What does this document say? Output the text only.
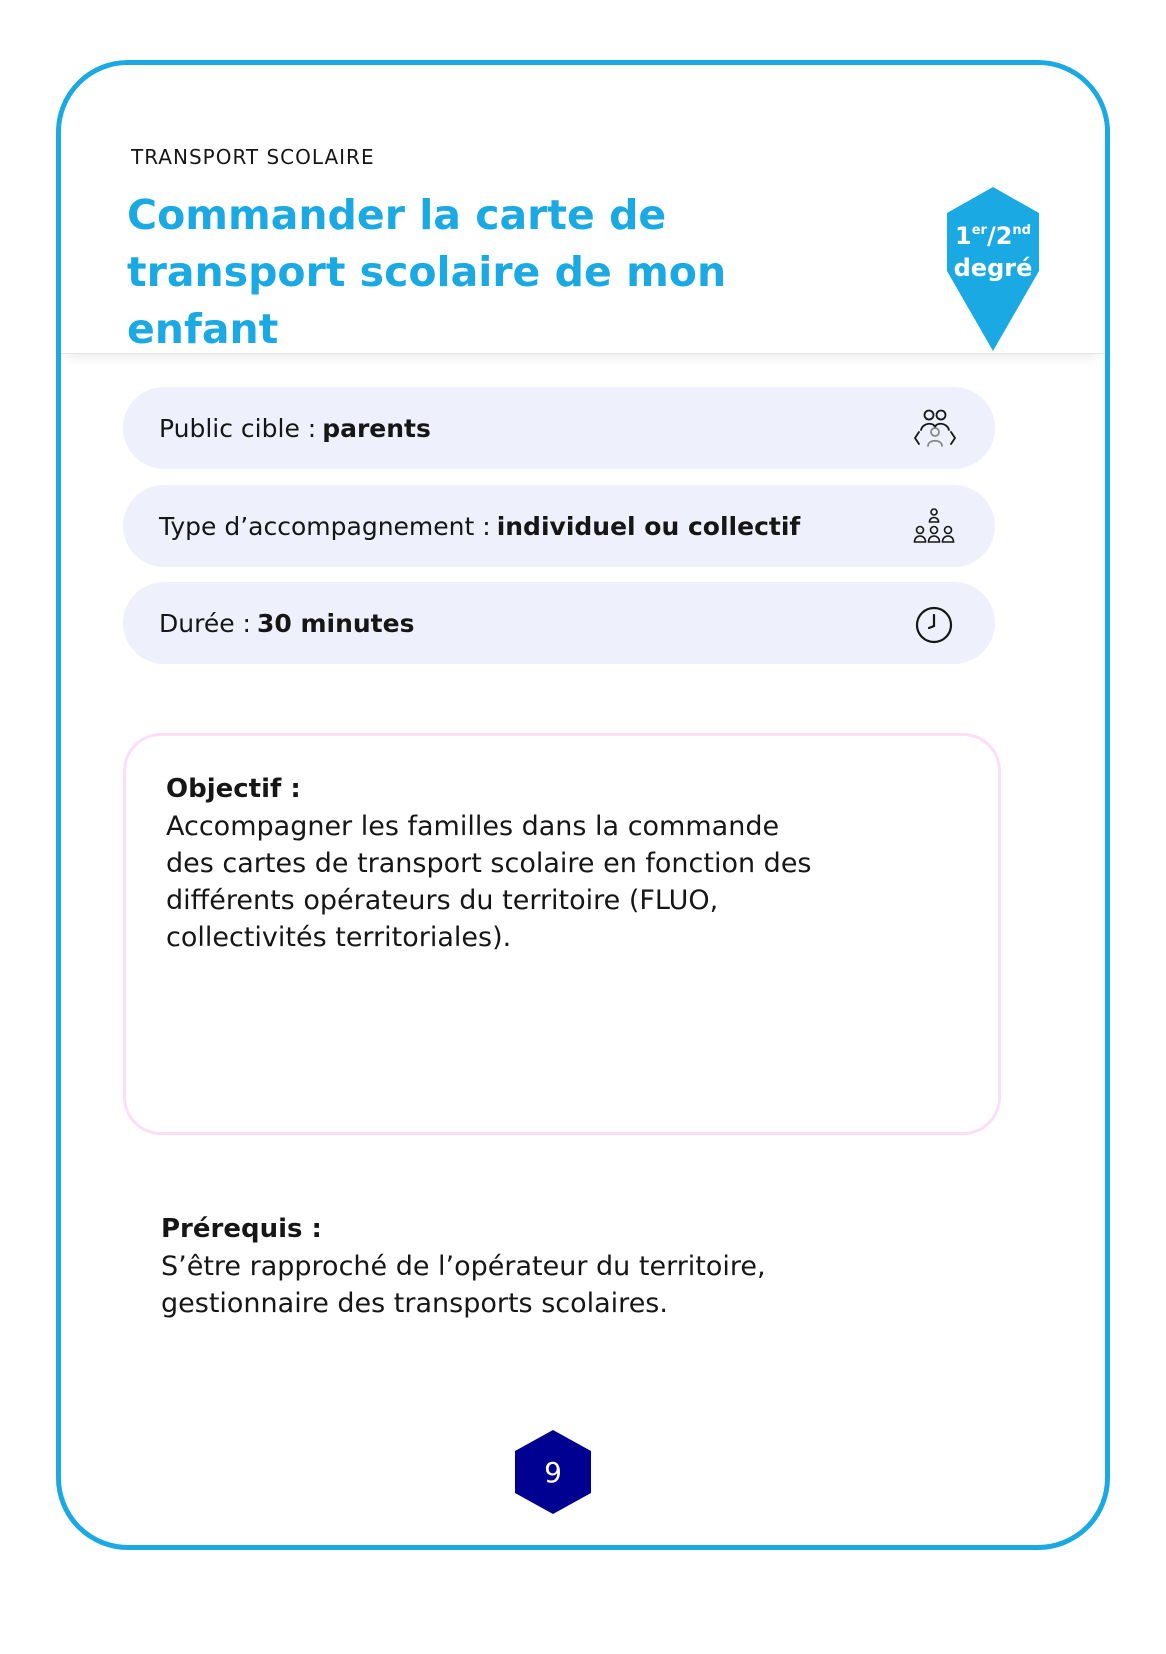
TRANSPORT SCOLAIRE
Commander la carte de transport scolaire de mon enfant
1er/2nd
degré
Public cible : parents
Type d’accompagnement : individuel ou collectif
Durée : 30 minutes
Objectif :

Accompagner les familles dans la commande des cartes de transport scolaire en fonction des différents opérateurs du territoire (FLUO, collectivités territoriales).

Prérequis :

S’être rapproché de l’opérateur du territoire, gestionnaire des transports scolaires.

9
